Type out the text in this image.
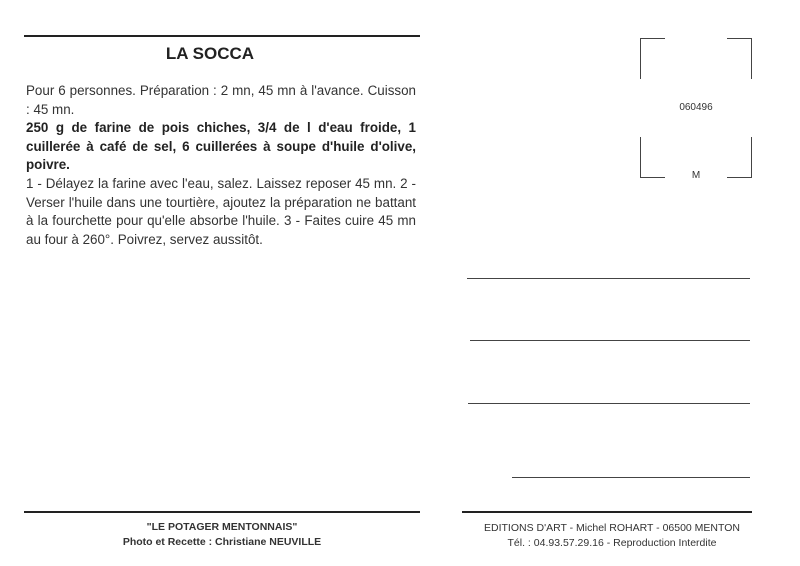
LA SOCCA

Pour 6 personnes. Préparation : 2 mn, 45 mn à l'avance. Cuisson : 45 mn.

250 g de farine de pois chiches, 3/4 de l d'eau froide, 1 cuillerée à café de sel, 6 cuillerées à soupe d'huile d'olive, poivre.

1 - Délayez la farine avec l'eau, salez. Laissez reposer 45 mn. 2 - Verser l'huile dans une tourtière, ajoutez la préparation ne battant à la fourchette pour qu'elle absorbe l'huile. 3 - Faites cuire 45 mn au four à 260°. Poivrez, servez aussitôt.

060496
M
"LE POTAGER MENTONNAIS"
Photo et Recette : Christiane NEUVILLE
EDITIONS D'ART - Michel ROHART - 06500 MENTON
Tél. : 04.93.57.29.16 - Reproduction Interdite
